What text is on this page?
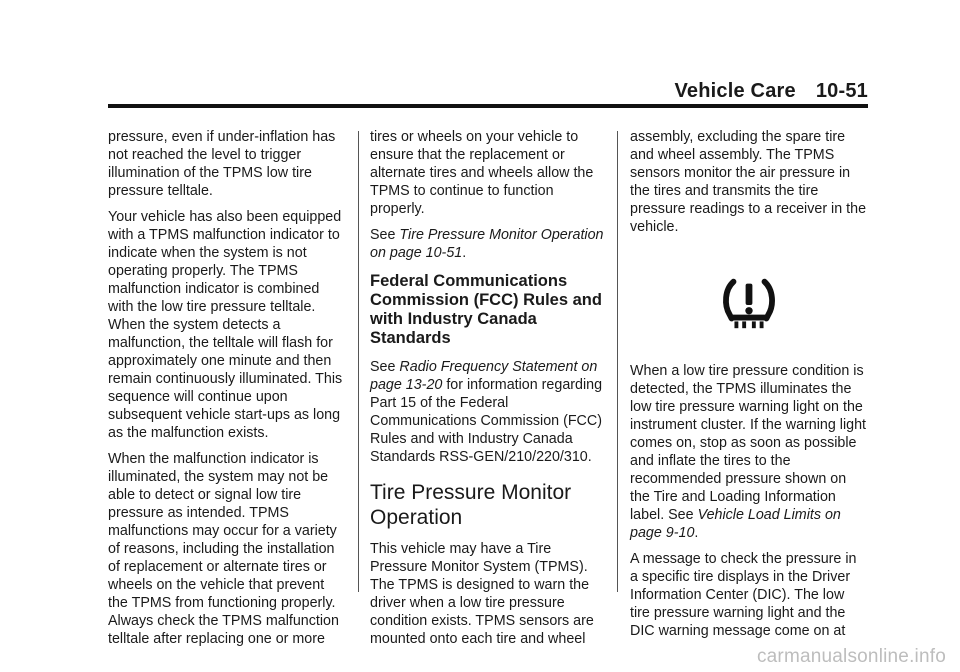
Vehicle Care 10-51

pressure, even if under-inflation has not reached the level to trigger illumination of the TPMS low tire pressure telltale.

Your vehicle has also been equipped with a TPMS malfunction indicator to indicate when the system is not operating properly. The TPMS malfunction indicator is combined with the low tire pressure telltale. When the system detects a malfunction, the telltale will flash for approximately one minute and then remain continuously illuminated. This sequence will continue upon subsequent vehicle start-ups as long as the malfunction exists.

When the malfunction indicator is illuminated, the system may not be able to detect or signal low tire pressure as intended. TPMS malfunctions may occur for a variety of reasons, including the installation of replacement or alternate tires or wheels on the vehicle that prevent the TPMS from functioning properly. Always check the TPMS malfunction telltale after replacing one or more

tires or wheels on your vehicle to ensure that the replacement or alternate tires and wheels allow the TPMS to continue to function properly.

See Tire Pressure Monitor Operation on page 10-51.

Federal Communications Commission (FCC) Rules and with Industry Canada Standards

See Radio Frequency Statement on page 13-20 for information regarding Part 15 of the Federal Communications Commission (FCC) Rules and with Industry Canada Standards RSS-GEN/210/220/310.

Tire Pressure Monitor Operation

This vehicle may have a Tire Pressure Monitor System (TPMS). The TPMS is designed to warn the driver when a low tire pressure condition exists. TPMS sensors are mounted onto each tire and wheel

assembly, excluding the spare tire and wheel assembly. The TPMS sensors monitor the air pressure in the tires and transmits the tire pressure readings to a receiver in the vehicle.

When a low tire pressure condition is detected, the TPMS illuminates the low tire pressure warning light on the instrument cluster. If the warning light comes on, stop as soon as possible and inflate the tires to the recommended pressure shown on the Tire and Loading Information label. See Vehicle Load Limits on page 9-10.

A message to check the pressure in a specific tire displays in the Driver Information Center (DIC). The low tire pressure warning light and the DIC warning message come on at

carmanualsonline.info
